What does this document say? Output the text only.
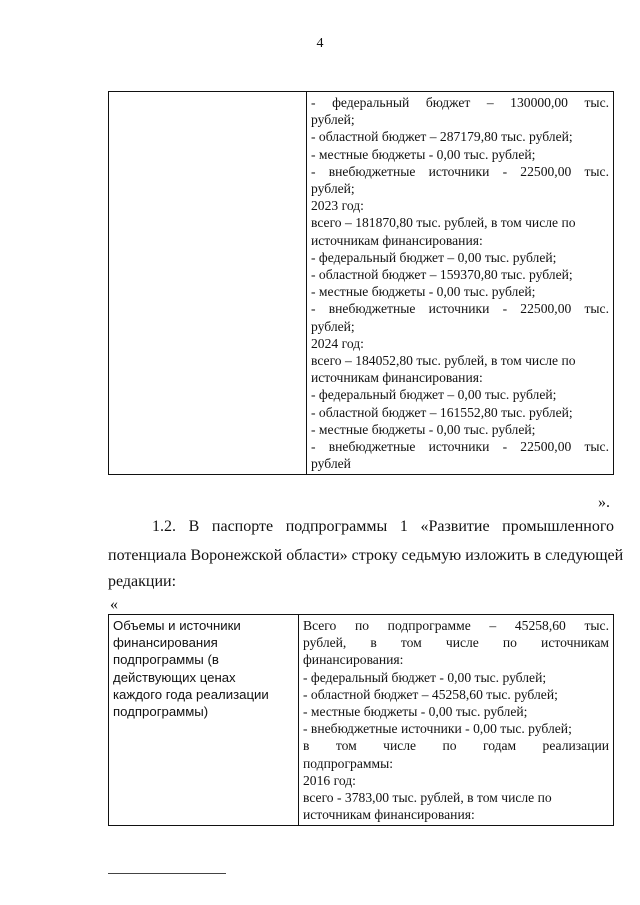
4

- федеральный бюджет – 130000,00 тыс.
рублей;
- областной бюджет – 287179,80 тыс. рублей;
- местные бюджеты - 0,00 тыс. рублей;
- внебюджетные источники - 22500,00 тыс.
рублей;
2023 год:
всего – 181870,80 тыс. рублей, в том числе по
источникам финансирования:
- федеральный бюджет – 0,00 тыс. рублей;
- областной бюджет – 159370,80 тыс. рублей;
- местные бюджеты - 0,00 тыс. рублей;
- внебюджетные источники - 22500,00 тыс.
рублей;
2024 год:
всего – 184052,80 тыс. рублей, в том числе по
источникам финансирования:
- федеральный бюджет – 0,00 тыс. рублей;
- областной бюджет – 161552,80 тыс. рублей;
- местные бюджеты - 0,00 тыс. рублей;
- внебюджетные источники - 22500,00 тыс.
рублей
».
1.2. В паспорте подпрограммы 1 «Развитие промышленного
потенциала Воронежской области» строку седьмую изложить в следующей
редакции:
«
Объемы и источники
финансирования
подпрограммы (в
действующих ценах
каждого года реализации
подпрограммы)

Всего по подпрограмме – 45258,60 тыс.
рублей, в том числе по источникам
финансирования:
- федеральный бюджет - 0,00 тыс. рублей;
- областной бюджет – 45258,60 тыс. рублей;
- местные бюджеты - 0,00 тыс. рублей;
- внебюджетные источники - 0,00 тыс. рублей;
в том числе по годам реализации
подпрограммы:
2016 год:
всего - 3783,00 тыс. рублей, в том числе по
источникам финансирования:
